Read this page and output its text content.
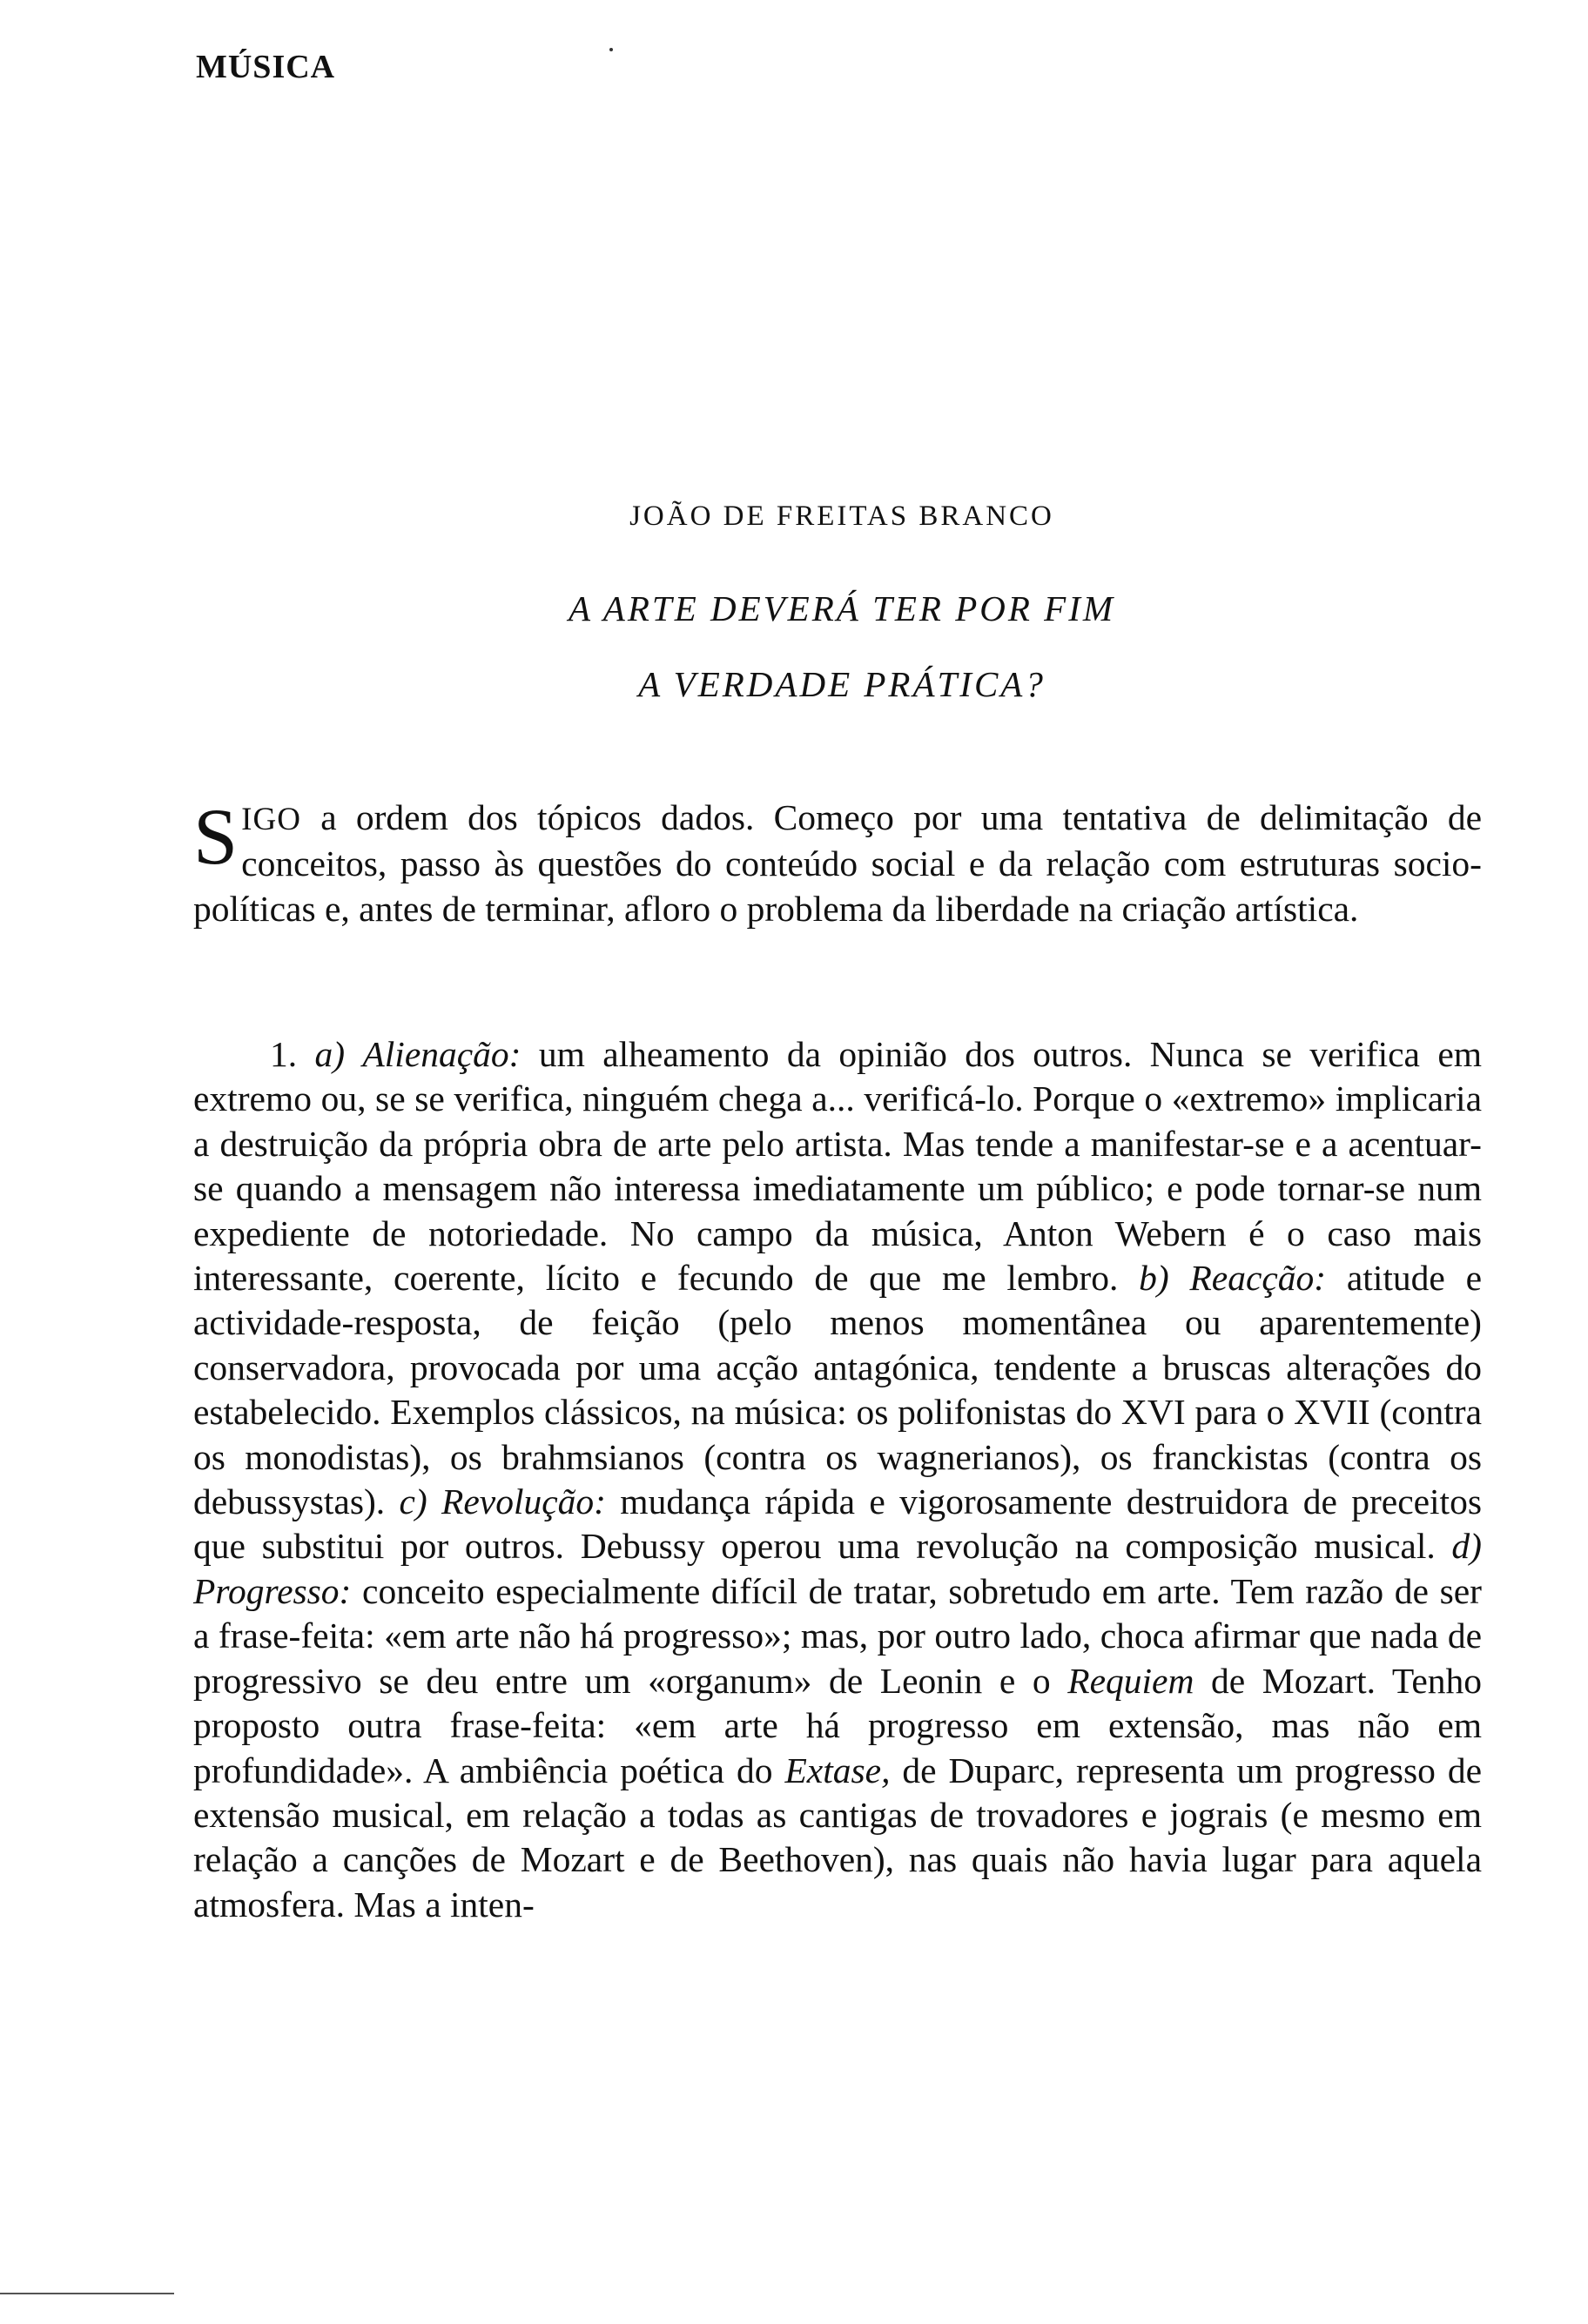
MÚSICA
JOÃO DE FREITAS BRANCO
A ARTE DEVERÁ TER POR FIM
A VERDADE PRÁTICA?
SIGO a ordem dos tópicos dados. Começo por uma tentativa de delimitação de conceitos, passo às questões do conteúdo social e da relação com estruturas socio-políticas e, antes de terminar, afloro o problema da liberdade na criação artística.
1. a) Alienação: um alheamento da opinião dos outros. Nunca se verifica em extremo ou, se se verifica, ninguém chega a... verificá-lo. Porque o «extremo» implicaria a destruição da própria obra de arte pelo artista. Mas tende a manifestar-se e a acentuar-se quando a mensagem não interessa imediatamente um público; e pode tornar-se num expediente de notoriedade. No campo da música, Anton Webern é o caso mais interessante, coerente, lícito e fecundo de que me lembro. b) Reacção: atitude e actividade-resposta, de feição (pelo menos momentânea ou aparentemente) conservadora, provocada por uma acção antagónica, tendente a bruscas alterações do estabelecido. Exemplos clássicos, na música: os polifonistas do XVI para o XVII (contra os monodistas), os brahmsianos (contra os wagnerianos), os franckistas (contra os debussystas). c) Revolução: mudança rápida e vigorosamente destruidora de preceitos que substitui por outros. Debussy operou uma revolução na composição musical. d) Progresso: conceito especialmente difícil de tratar, sobretudo em arte. Tem razão de ser a frase-feita: «em arte não há progresso»; mas, por outro lado, choca afirmar que nada de progressivo se deu entre um «organum» de Leonin e o Requiem de Mozart. Tenho proposto outra frase-feita: «em arte há progresso em extensão, mas não em profundidade». A ambiência poética do Extase, de Duparc, representa um progresso de extensão musical, em relação a todas as cantigas de trovadores e jograis (e mesmo em relação a canções de Mozart e de Beethoven), nas quais não havia lugar para aquela atmosfera. Mas a inten-
